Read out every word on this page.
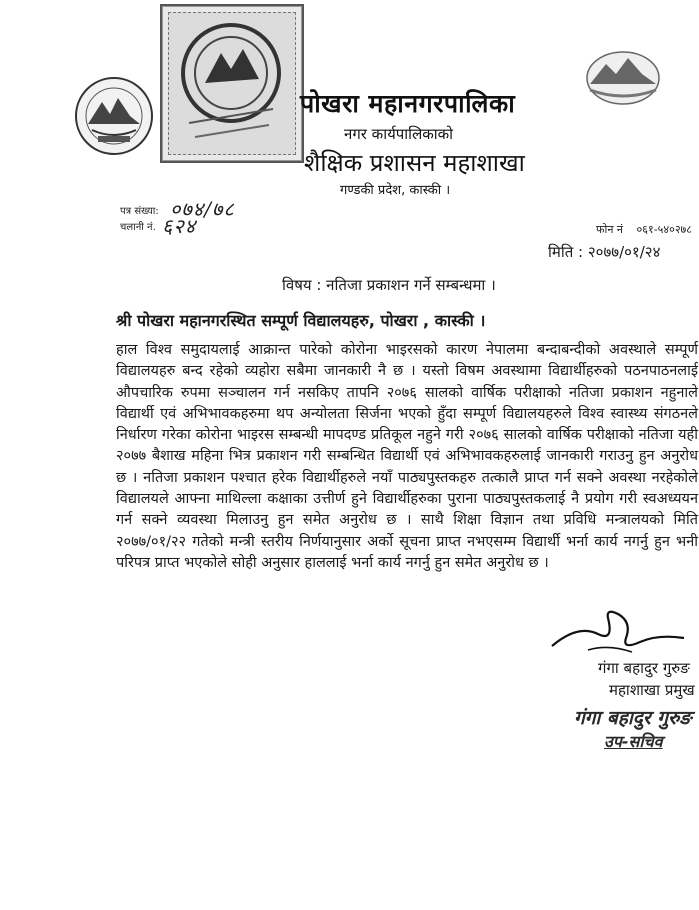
पोखरा महानगरपालिका
नगर कार्यपालिकाको
शैक्षिक प्रशासन महाशाखा
गण्डकी प्रदेश, कास्की ।
पत्र संख्या: ०७४/७८
चलानी नं. ६२४	फोन नं ०६१-५४०२७८
मिति : २०७७/०१/२४
विषय : नतिजा प्रकाशन गर्ने सम्बन्धमा ।
श्री पोखरा महानगरस्थित सम्पूर्ण विद्यालयहरु, पोखरा , कास्की ।
हाल विश्व समुदायलाई आक्रान्त पारेको कोरोना भाइरसको कारण नेपालमा बन्दाबन्दीको अवस्थाले सम्पूर्ण विद्यालयहरु बन्द रहेको व्यहोरा सबैमा जानकारी नै छ । यस्तो विषम अवस्थामा विद्यार्थीहरुको पठनपाठनलाई औपचारिक रुपमा सञ्चालन गर्न नसकिए तापनि २०७६ सालको वार्षिक परीक्षाको नतिजा प्रकाशन नहुनाले विद्यार्थी एवं अभिभावकहरुमा थप अन्योलता सिर्जना भएको हुँदा सम्पूर्ण विद्यालयहरुले विश्व स्वास्थ्य संगठनले निर्धारण गरेका कोरोना भाइरस सम्बन्धी मापदण्ड प्रतिकूल नहुने गरी २०७६ सालको वार्षिक परीक्षाको नतिजा यही २०७७ बैशाख महिना भित्र प्रकाशन गरी सम्बन्धित विद्यार्थी एवं अभिभावकहरुलाई जानकारी गराउनु हुन अनुरोध छ । नतिजा प्रकाशन पश्चात हरेक विद्यार्थीहरुले नयाँ पाठ्यपुस्तकहरु तत्कालै प्राप्त गर्न सक्ने अवस्था नरहेकोले विद्यालयले आफ्ना माथिल्ला कक्षाका उत्तीर्ण हुने विद्यार्थीहरुका पुराना पाठ्यपुस्तकलाई नै प्रयोग गरी स्वअध्ययन गर्न सक्ने व्यवस्था मिलाउनु हुन समेत अनुरोध छ । साथै शिक्षा विज्ञान तथा प्रविधि मन्त्रालयको मिति २०७७/०१/२२ गतेको मन्त्री स्तरीय निर्णयानुसार अर्को सूचना प्राप्त नभएसम्म विद्यार्थी भर्ना कार्य नगर्नु हुन भनी परिपत्र प्राप्त भएकोले सोही अनुसार हाललाई भर्ना कार्य नगर्नु हुन समेत अनुरोध छ ।
गंगा बहादुर गुरुङ
महाशाखा प्रमुख
गंगा बहादुर गुरुङ
उप-सचिव
